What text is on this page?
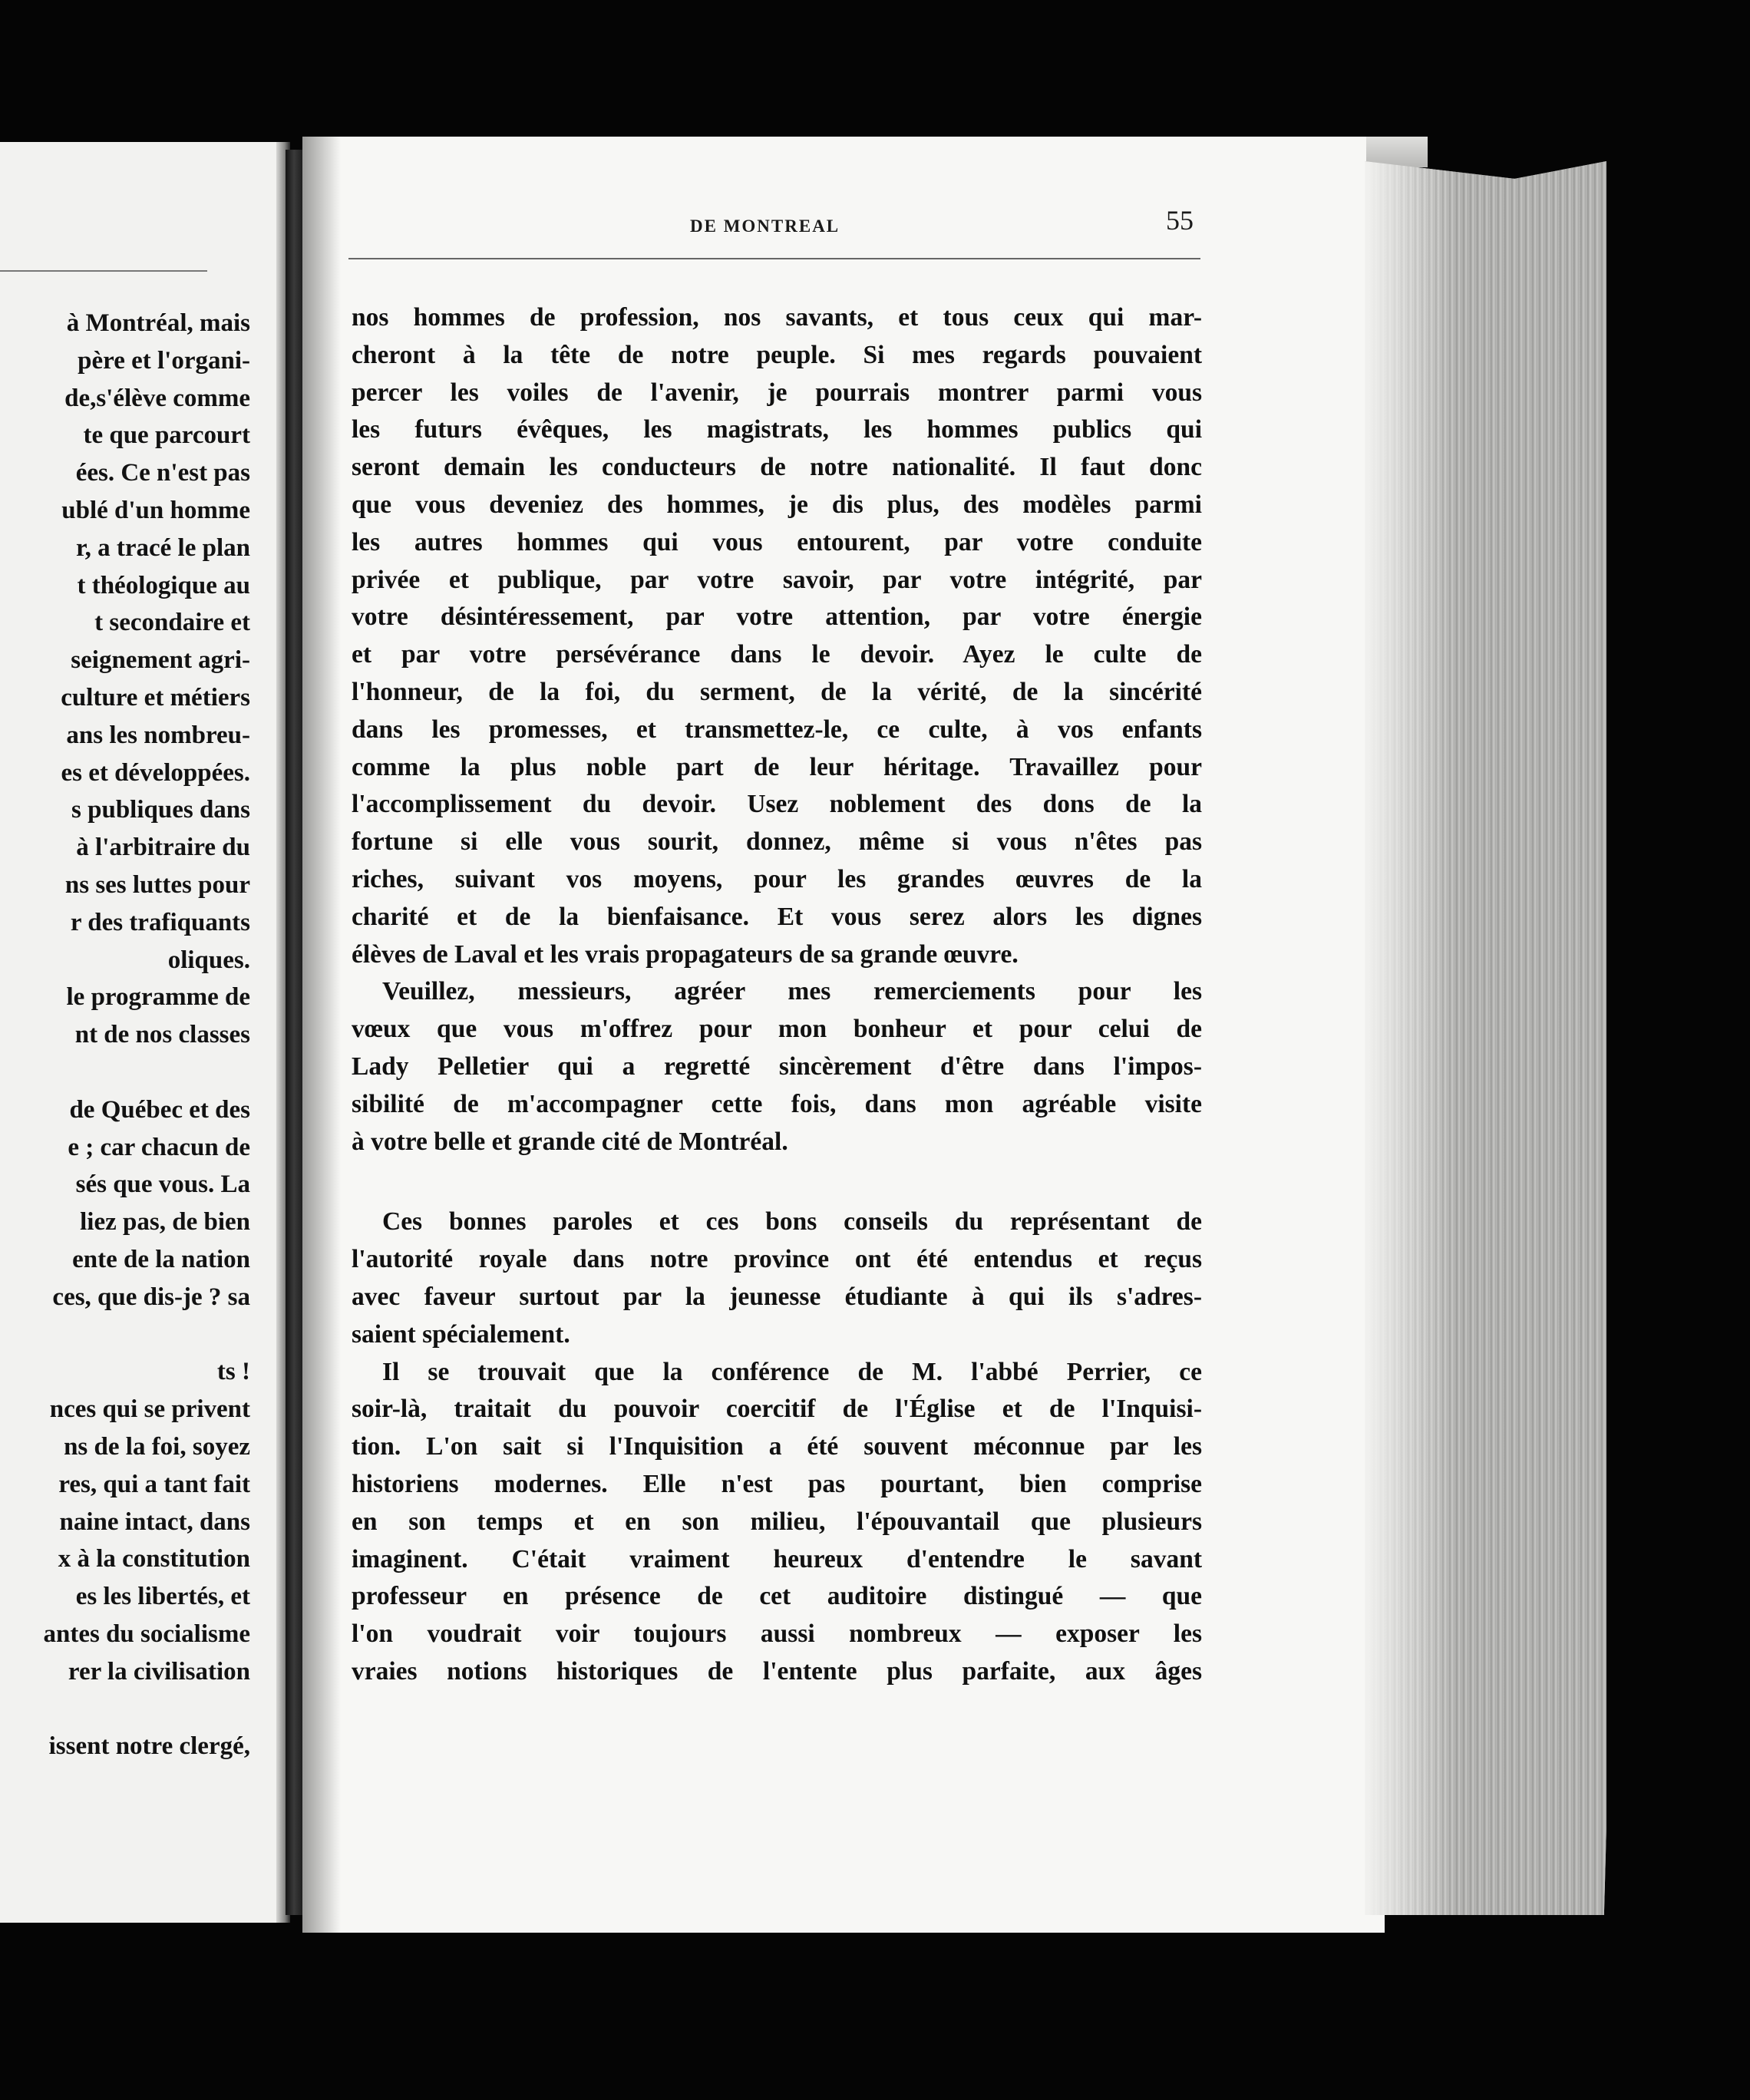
à Montréal, mais
père et l'organi-
de,s'élève comme
te que parcourt
ées. Ce n'est pas
ublé d'un homme
r, a tracé le plan
t théologique au
t secondaire et
seignement agri-
culture et métiers
ans les nombreu-
es et développées.
s publiques dans
à l'arbitraire du
ns ses luttes pour
r des trafiquants
oliques.
le programme de
nt de nos classes
de Québec et des
e ; car chacun de
sés que vous. La
liez pas, de bien
ente de la nation
ces, que dis-je ? sa
ts !
nces qui se privent
ns de la foi, soyez
res, qui a tant fait
naine intact, dans
x à la constitution
es les libertés, et
antes du socialisme
rer la civilisation
issent notre clergé,
DE MONTREAL	55
nos hommes de profession, nos savants, et tous ceux qui mar-
cheront à la tête de notre peuple. Si mes regards pouvaient
percer les voiles de l'avenir, je pourrais montrer parmi vous
les futurs évêques, les magistrats, les hommes publics qui
seront demain les conducteurs de notre nationalité. Il faut donc
que vous deveniez des hommes, je dis plus, des modèles parmi
les autres hommes qui vous entourent, par votre conduite
privée et publique, par votre savoir, par votre intégrité, par
votre désintéressement, par votre attention, par votre énergie
et par votre persévérance dans le devoir. Ayez le culte de
l'honneur, de la foi, du serment, de la vérité, de la sincérité
dans les promesses, et transmettez-le, ce culte, à vos enfants
comme la plus noble part de leur héritage. Travaillez pour
l'accomplissement du devoir. Usez noblement des dons de la
fortune si elle vous sourit, donnez, même si vous n'êtes pas
riches, suivant vos moyens, pour les grandes œuvres de la
charité et de la bienfaisance. Et vous serez alors les dignes
élèves de Laval et les vrais propagateurs de sa grande œuvre.
Veuillez, messieurs, agréer mes remerciements pour les
vœux que vous m'offrez pour mon bonheur et pour celui de
Lady Pelletier qui a regretté sincèrement d'être dans l'impos-
sibilité de m'accompagner cette fois, dans mon agréable visite
à votre belle et grande cité de Montréal.
Ces bonnes paroles et ces bons conseils du représentant de
l'autorité royale dans notre province ont été entendus et reçus
avec faveur surtout par la jeunesse étudiante à qui ils s'adres-
saient spécialement.
Il se trouvait que la conférence de M. l'abbé Perrier, ce
soir-là, traitait du pouvoir coercitif de l'Église et de l'Inquisi-
tion. L'on sait si l'Inquisition a été souvent méconnue par les
historiens modernes. Elle n'est pas pourtant, bien comprise
en son temps et en son milieu, l'épouvantail que plusieurs
imaginent. C'était vraiment heureux d'entendre le savant
professeur en présence de cet auditoire distingué — que
l'on voudrait voir toujours aussi nombreux — exposer les
vraies notions historiques de l'entente plus parfaite, aux âges
